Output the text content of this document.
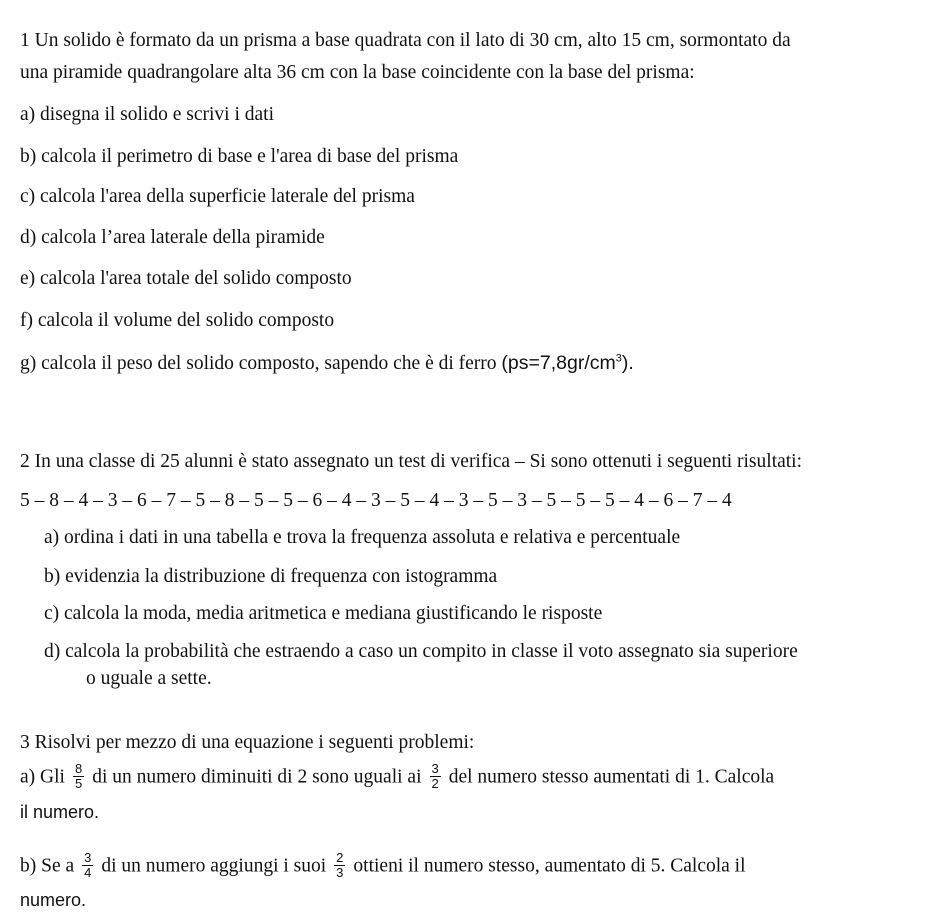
1 Un solido è formato da un prisma a base quadrata con il lato di 30 cm, alto 15 cm, sormontato da
una piramide quadrangolare alta 36 cm con la base coincidente con la base del prisma:
a) disegna il solido e scrivi i dati
b) calcola il perimetro di base e l'area di base del prisma
c) calcola l'area della superficie laterale del prisma
d) calcola l’area laterale della piramide
e) calcola l'area totale del solido composto
f) calcola il volume del solido composto
g) calcola il peso del solido composto, sapendo che è di ferro $(ps=7,8gr/cm^3)$.
2 In una classe di 25 alunni è stato assegnato un test di verifica – Si sono ottenuti i seguenti risultati:
5 – 8 – 4 – 3 – 6 – 7 – 5 – 8 – 5 – 5 – 6 – 4 – 3 – 5 – 4 – 3 – 5 – 3 – 5 – 5 – 5 – 4 – 6 – 7 – 4
a) ordina i dati in una tabella e trova la frequenza assoluta e relativa e percentuale
b) evidenzia la distribuzione di frequenza con istogramma
c) calcola la moda, media aritmetica e mediana giustificando le risposte
d) calcola la probabilità che estraendo a caso un compito in classe il voto assegnato sia superiore
o uguale a sette.
3 Risolvi per mezzo di una equazione i seguenti problemi:
a) Gli $\frac{8}{5}$ di un numero diminuiti di 2 sono uguali ai $\frac{3}{2}$ del numero stesso aumentati di 1. Calcola
il numero.
b) Se a $\frac{3}{4}$ di un numero aggiungi i suoi $\frac{2}{3}$ ottieni il numero stesso, aumentato di 5. Calcola il
numero.
